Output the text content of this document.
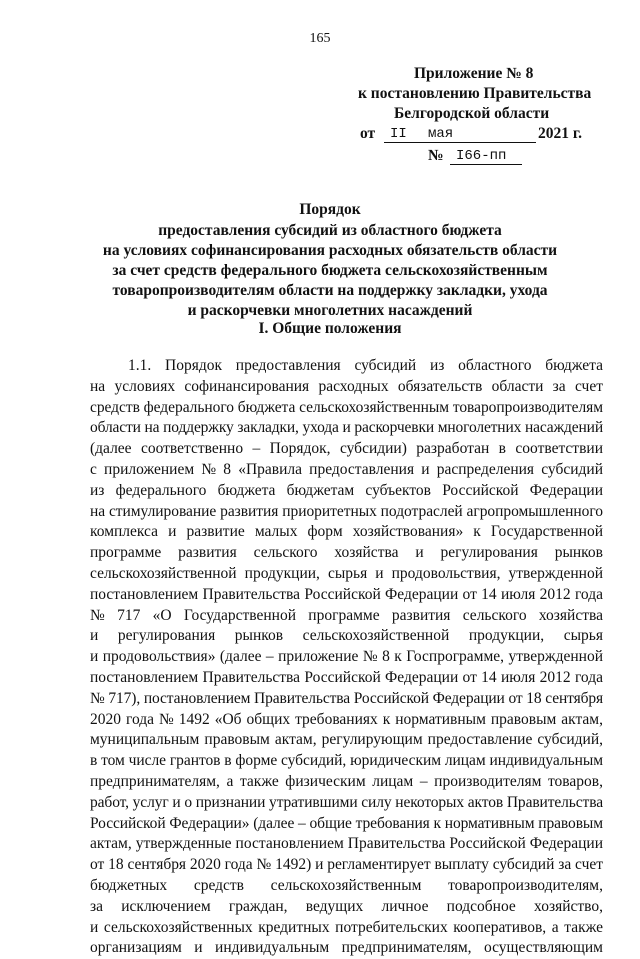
165
Приложение № 8
к постановлению Правительства
Белгородской области
от II мая	2021 г.
№ I66-пп
Порядок
предоставления субсидий из областного бюджета
на условиях софинансирования расходных обязательств области
за счет средств федерального бюджета сельскохозяйственным
товаропроизводителям области на поддержку закладки, ухода
и раскорчевки многолетних насаждений
I. Общие положения
1.1. Порядок предоставления субсидий из областного бюджета
на условиях софинансирования расходных обязательств области за счет
средств федерального бюджета сельскохозяйственным товаропроизводителям
области на поддержку закладки, ухода и раскорчевки многолетних насаждений
(далее соответственно – Порядок, субсидии) разработан в соответствии
с приложением № 8 «Правила предоставления и распределения субсидий
из федерального бюджета бюджетам субъектов Российской Федерации
на стимулирование развития приоритетных подотраслей агропромышленного
комплекса и развитие малых форм хозяйствования» к Государственной
программе развития сельского хозяйства и регулирования рынков
сельскохозяйственной продукции, сырья и продовольствия, утвержденной
постановлением Правительства Российской Федерации от 14 июля 2012 года
№ 717 «О Государственной программе развития сельского хозяйства
и регулирования рынков сельскохозяйственной продукции, сырья
и продовольствия» (далее – приложение № 8 к Госпрограмме, утвержденной
постановлением Правительства Российской Федерации от 14 июля 2012 года
№ 717), постановлением Правительства Российской Федерации от 18 сентября
2020 года № 1492 «Об общих требованиях к нормативным правовым актам,
муниципальным правовым актам, регулирующим предоставление субсидий,
в том числе грантов в форме субсидий, юридическим лицам индивидуальным
предпринимателям, а также физическим лицам – производителям товаров,
работ, услуг и о признании утратившими силу некоторых актов Правительства
Российской Федерации» (далее – общие требования к нормативным правовым
актам, утвержденные постановлением Правительства Российской Федерации
от 18 сентября 2020 года № 1492) и регламентирует выплату субсидий за счет
бюджетных средств сельскохозяйственным товаропроизводителям,
за исключением граждан, ведущих личное подсобное хозяйство,
и сельскохозяйственных кредитных потребительских кооперативов, а также
организациям и индивидуальным предпринимателям, осуществляющим
